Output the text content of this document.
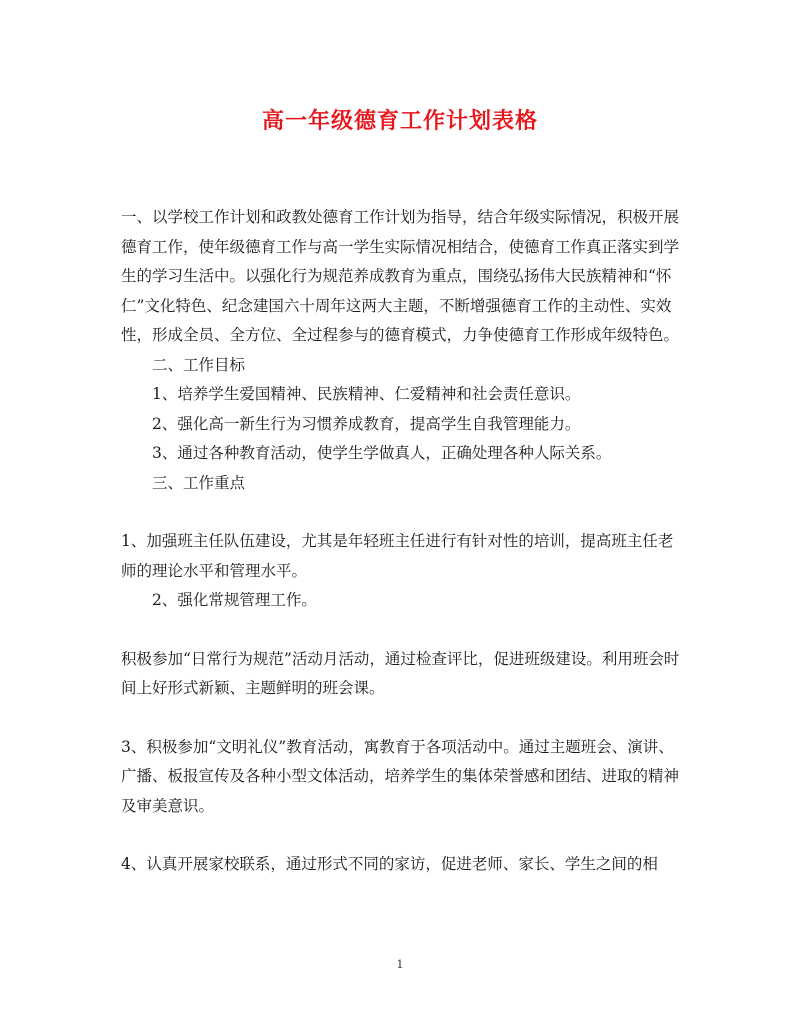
高一年级德育工作计划表格

一、以学校工作计划和政教处德育工作计划为指导，结合年级实际情况，积极开展德育工作，使年级德育工作与高一学生实际情况相结合，使德育工作真正落实到学生的学习生活中。以强化行为规范养成教育为重点，围绕弘扬伟大民族精神和“怀仁”文化特色、纪念建国六十周年这两大主题，不断增强德育工作的主动性、实效性，形成全员、全方位、全过程参与的德育模式，力争使德育工作形成年级特色。

二、工作目标

1、培养学生爱国精神、民族精神、仁爱精神和社会责任意识。

2、强化高一新生行为习惯养成教育，提高学生自我管理能力。

3、通过各种教育活动，使学生学做真人，正确处理各种人际关系。

三、工作重点

1、加强班主任队伍建设，尤其是年轻班主任进行有针对性的培训，提高班主任老师的理论水平和管理水平。

2、强化常规管理工作。

积极参加“日常行为规范”活动月活动，通过检查评比，促进班级建设。利用班会时间上好形式新颖、主题鲜明的班会课。

3、积极参加“文明礼仪”教育活动，寓教育于各项活动中。通过主题班会、演讲、广播、板报宣传及各种小型文体活动，培养学生的集体荣誉感和团结、进取的精神及审美意识。

4、认真开展家校联系，通过形式不同的家访，促进老师、家长、学生之间的相

1
